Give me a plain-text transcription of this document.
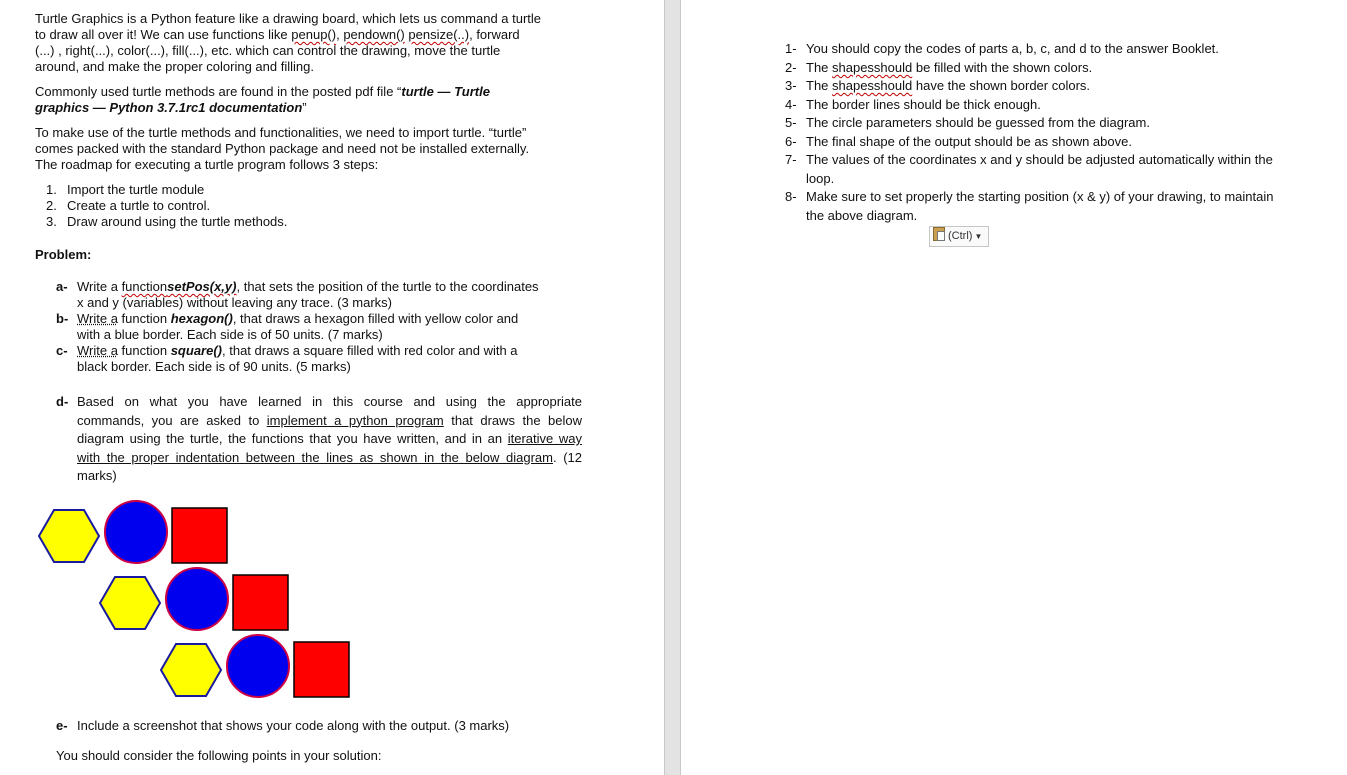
Turtle Graphics is a Python feature like a drawing board, which lets us command a turtle
to draw all over it! We can use functions like penup(), pendown() pensize(..), forward
(...) , right(...), color(...), fill(...), etc. which can control the drawing, move the turtle
around, and make the proper coloring and filling.
Commonly used turtle methods are found in the posted pdf file “turtle — Turtle
graphics — Python 3.7.1rc1 documentation”
To make use of the turtle methods and functionalities, we need to import turtle. “turtle”
comes packed with the standard Python package and need not be installed externally.
The roadmap for executing a turtle program follows 3 steps:
1. Import the turtle module
2. Create a turtle to control.
3. Draw around using the turtle methods.
Problem:
a- Write a functionsetPos(x,y), that sets the position of the turtle to the coordinates
x and y (variables) without leaving any trace. (3 marks)
b- Write a function hexagon(), that draws a hexagon filled with yellow color and
with a blue border. Each side is of 50 units. (7 marks)
c- Write a function square(), that draws a square filled with red color and with a
black border. Each side is of 90 units. (5 marks)
d- Based on what you have learned in this course and using the appropriate
commands, you are asked to implement a python program that draws the below
diagram using the turtle, the functions that you have written, and in an iterative way
with the proper indentation between the lines as shown in the below diagram. (12
marks)
e- Include a screenshot that shows your code along with the output. (3 marks)
You should consider the following points in your solution:
1- You should copy the codes of parts a, b, c, and d to the answer Booklet.
2- The shapesshould be filled with the shown colors.
3- The shapesshould have the shown border colors.
4- The border lines should be thick enough.
5- The circle parameters should be guessed from the diagram.
6- The final shape of the output should be as shown above.
7- The values of the coordinates x and y should be adjusted automatically within the
loop.
8- Make sure to set properly the starting position (x & y) of your drawing, to maintain
the above diagram.
(Ctrl) ▼
